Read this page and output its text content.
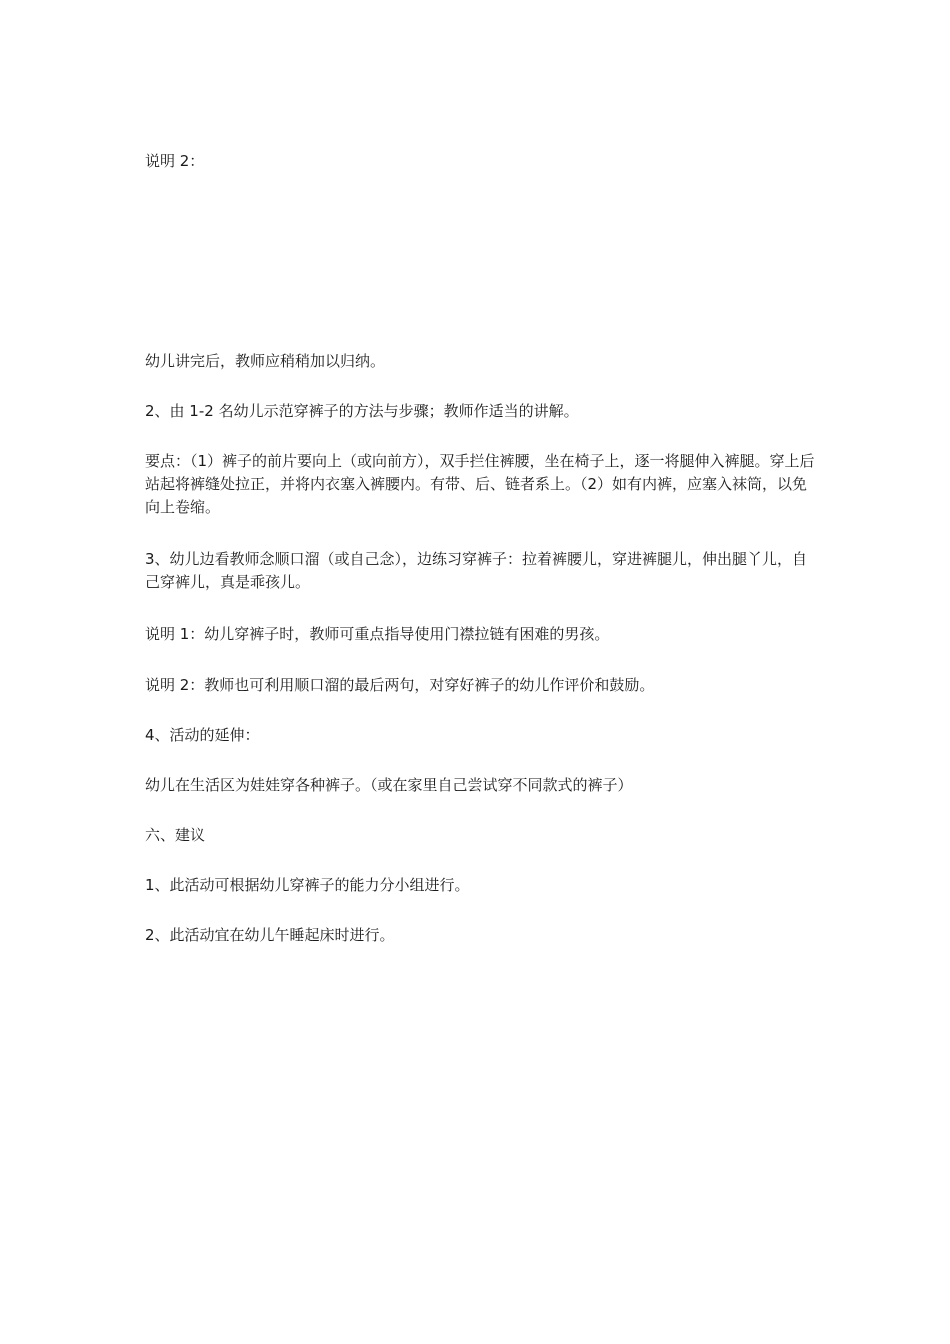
说明 2：

幼儿讲完后，教师应稍稍加以归纳。

2、由 1-2 名幼儿示范穿裤子的方法与步骤；教师作适当的讲解。

要点：（1）裤子的前片要向上（或向前方），双手拦住裤腰，坐在椅子上，逐一将腿伸入裤腿。穿上后站起将裤缝处拉正，并将内衣塞入裤腰内。有带、后、链者系上。（2）如有内裤，应塞入袜筒，以免向上卷缩。

3、幼儿边看教师念顺口溜（或自己念），边练习穿裤子：拉着裤腰儿，穿进裤腿儿，伸出腿丫儿，自己穿裤儿，真是乖孩儿。

说明 1：幼儿穿裤子时，教师可重点指导使用门襟拉链有困难的男孩。

说明 2：教师也可利用顺口溜的最后两句，对穿好裤子的幼儿作评价和鼓励。

4、活动的延伸：

幼儿在生活区为娃娃穿各种裤子。（或在家里自己尝试穿不同款式的裤子）

六、建议

1、此活动可根据幼儿穿裤子的能力分小组进行。

2、此活动宜在幼儿午睡起床时进行。
